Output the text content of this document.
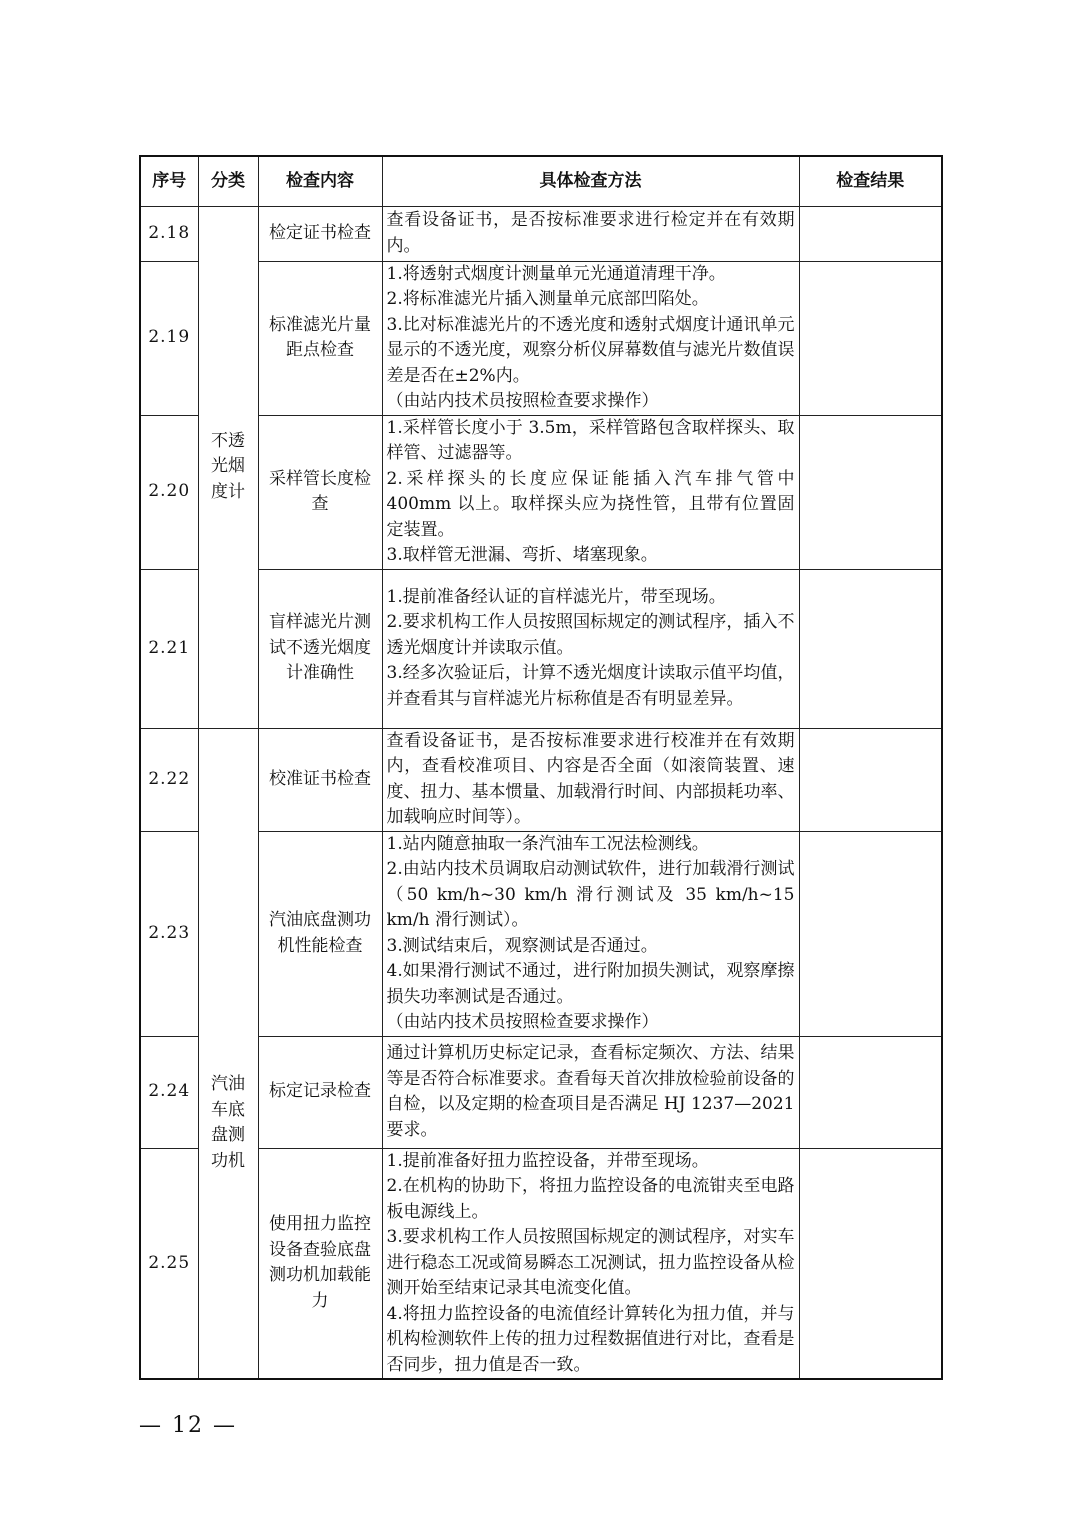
序号	分类	检查内容	具体检查方法	检查结果
2.18	不透光烟度计	检定证书检查	查看设备证书，是否按标准要求进行检定并在有效期内。	

2.19		标准滤光片量距点检查	1.将透射式烟度计测量单元光通道清理干净。
2.将标准滤光片插入测量单元底部凹陷处。
3.比对标准滤光片的不透光度和透射式烟度计通讯单元显示的不透光度，观察分析仪屏幕数值与滤光片数值误差是否在±2%内。
（由站内技术员按照检查要求操作）	

2.20		采样管长度检查	1.采样管长度小于 3.5m，采样管路包含取样探头、取样管、过滤器等。
2.采样探头的长度应保证能插入汽车排气管中 400mm 以上。取样探头应为挠性管，且带有位置固定装置。
3.取样管无泄漏、弯折、堵塞现象。	

2.21		盲样滤光片测试不透光烟度计准确性	1.提前准备经认证的盲样滤光片，带至现场。
2.要求机构工作人员按照国标规定的测试程序，插入不透光烟度计并读取示值。
3.经多次验证后，计算不透光烟度计读取示值平均值，并查看其与盲样滤光片标称值是否有明显差异。	

2.22	汽油车底盘测功机	校准证书检查	查看设备证书，是否按标准要求进行校准并在有效期内，查看校准项目、内容是否全面（如滚筒装置、速度、扭力、基本惯量、加载滑行时间、内部损耗功率、加载响应时间等）。	

2.23		汽油底盘测功机性能检查	1.站内随意抽取一条汽油车工况法检测线。
2.由站内技术员调取启动测试软件，进行加载滑行测试（50 km/h~30 km/h 滑行测试及 35 km/h~15 km/h 滑行测试）。
3.测试结束后，观察测试是否通过。
4.如果滑行测试不通过，进行附加损失测试，观察摩擦损失功率测试是否通过。
（由站内技术员按照检查要求操作）	

2.24		标定记录检查	通过计算机历史标定记录，查看标定频次、方法、结果等是否符合标准要求。查看每天首次排放检验前设备的自检，以及定期的检查项目是否满足 HJ 1237—2021 要求。	

2.25		使用扭力监控设备查验底盘测功机加载能力	1.提前准备好扭力监控设备，并带至现场。
2.在机构的协助下，将扭力监控设备的电流钳夹至电路板电源线上。
3.要求机构工作人员按照国标规定的测试程序，对实车进行稳态工况或简易瞬态工况测试，扭力监控设备从检测开始至结束记录其电流变化值。
4.将扭力监控设备的电流值经计算转化为扭力值，并与机构检测软件上传的扭力过程数据值进行对比，查看是否同步，扭力值是否一致。	

— 12 —
